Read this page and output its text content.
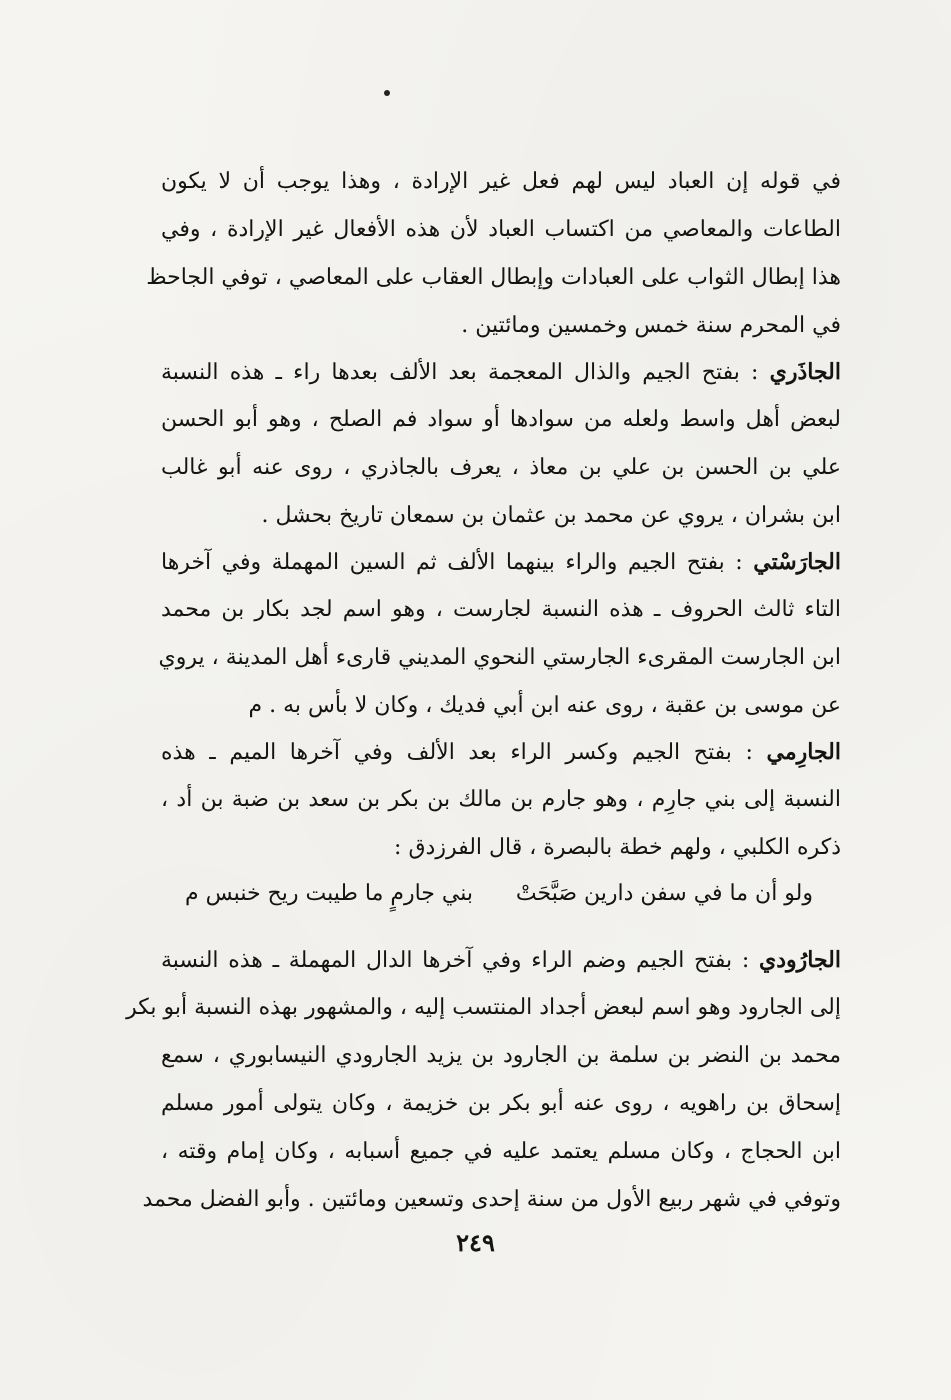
في قوله إن العباد ليس لهم فعل غير الإرادة ، وهذا يوجب أن لا يكون
الطاعات والمعاصي من اكتساب العباد لأن هذه الأفعال غير الإرادة ، وفي
هذا إبطال الثواب على العبادات وإبطال العقاب على المعاصي ، توفي الجاحظ
في المحرم سنة خمس وخمسين ومائتين .
الجاذَري : بفتح الجيم والذال المعجمة بعد الألف بعدها راء ـ هذه النسبة
لبعض أهل واسط ولعله من سوادها أو سواد فم الصلح ، وهو أبو الحسن
علي بن الحسن بن علي بن معاذ ، يعرف بالجاذري ، روى عنه أبو غالب
ابن بشران ، يروي عن محمد بن عثمان بن سمعان تاريخ بحشل .
الجارَسْتي : بفتح الجيم والراء بينهما الألف ثم السين المهملة وفي آخرها
التاء ثالث الحروف ـ هذه النسبة لجارست ، وهو اسم لجد بكار بن محمد
ابن الجارست المقرىء الجارستي النحوي المديني قارىء أهل المدينة ، يروي
عن موسى بن عقبة ، روى عنه ابن أبي فديك ، وكان لا بأس به . م
الجارِمي : بفتح الجيم وكسر الراء بعد الألف وفي آخرها الميم ـ هذه
النسبة إلى بني جارِم ، وهو جارم بن مالك بن بكر بن سعد بن ضبة بن أد ،
ذكره الكلبي ، ولهم خطة بالبصرة ، قال الفرزدق :
ولو أن ما في سفن دارين صَبَّحَتْ
بني جارمٍ ما طيبت ريح خنبس م
الجارُودي : بفتح الجيم وضم الراء وفي آخرها الدال المهملة ـ هذه النسبة
إلى الجارود وهو اسم لبعض أجداد المنتسب إليه ، والمشهور بهذه النسبة أبو بكر
محمد بن النضر بن سلمة بن الجارود بن يزيد الجارودي النيسابوري ، سمع
إسحاق بن راهويه ، روى عنه أبو بكر بن خزيمة ، وكان يتولى أمور مسلم
ابن الحجاج ، وكان مسلم يعتمد عليه في جميع أسبابه ، وكان إمام وقته ،
وتوفي في شهر ربيع الأول من سنة إحدى وتسعين ومائتين . وأبو الفضل محمد
٢٤٩
